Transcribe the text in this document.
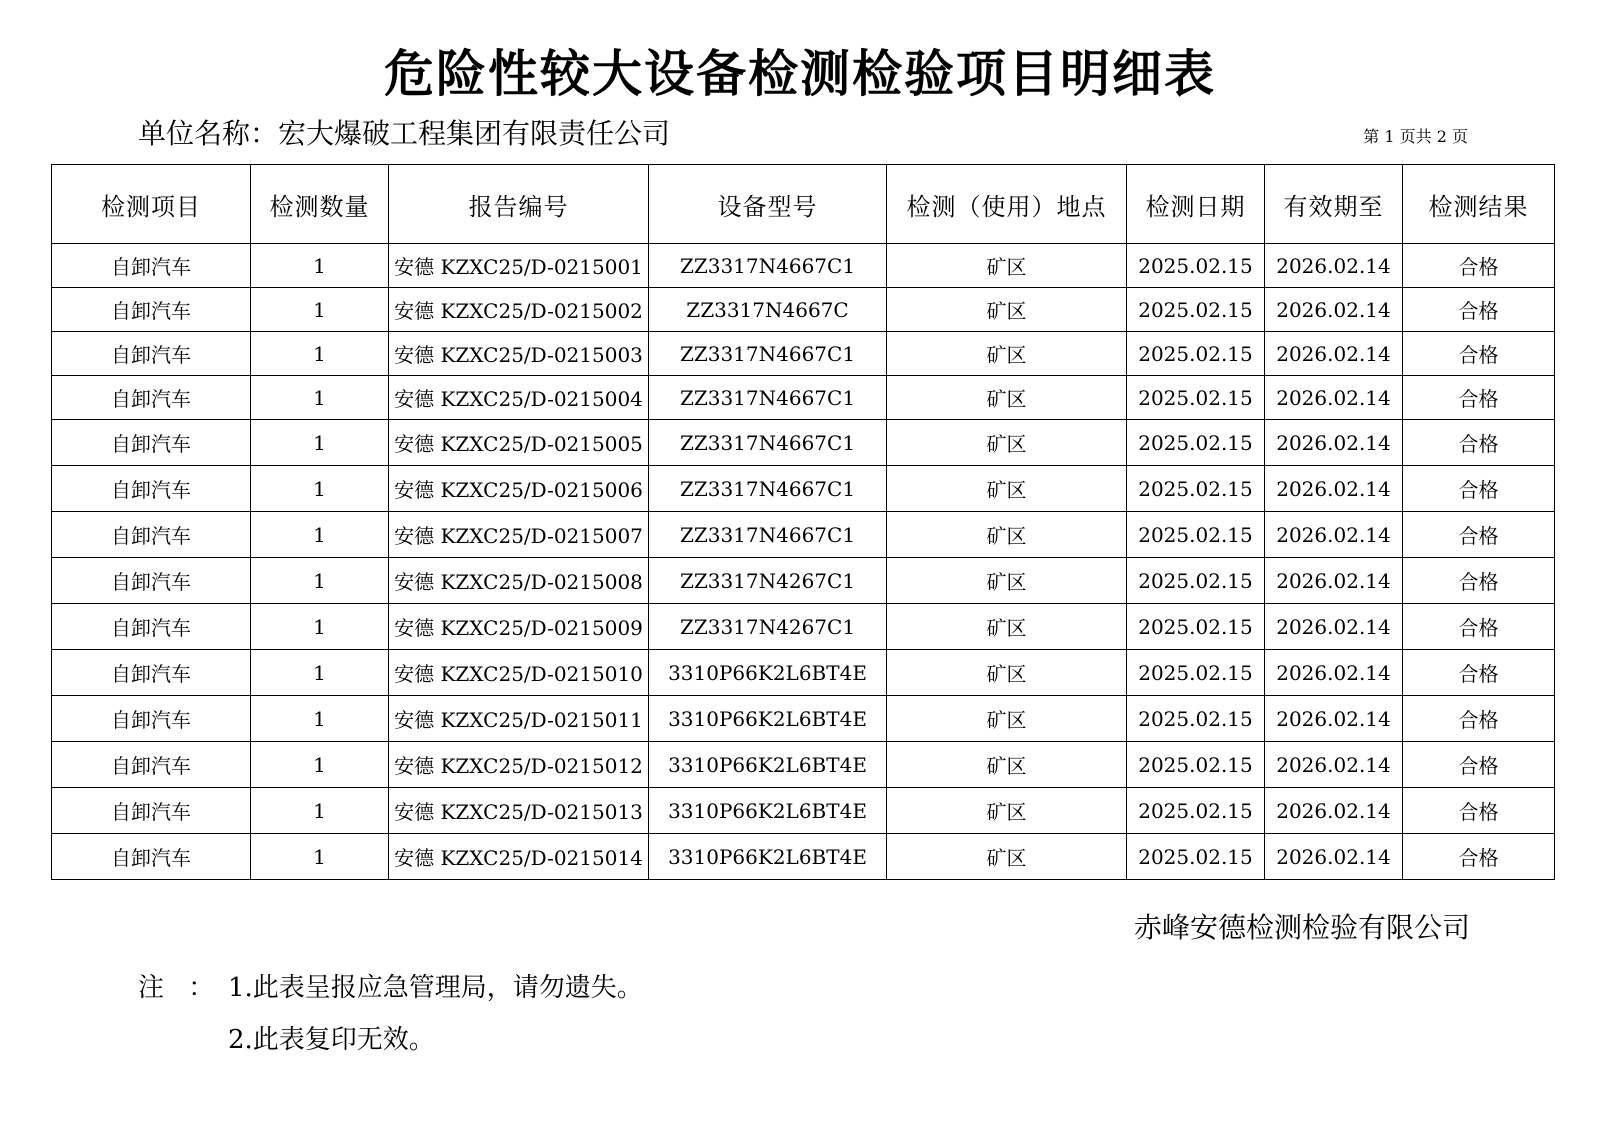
危险性较大设备检测检验项目明细表
单位名称：宏大爆破工程集团有限责任公司	第 1 页共 2 页
检测项目	检测数量	报告编号	设备型号	检测（使用）地点	检测日期	有效期至	检测结果
自卸汽车	1	安德 KZXC25/D-0215001	ZZ3317N4667C1	矿区	2025.02.15	2026.02.14	合格
自卸汽车	1	安德 KZXC25/D-0215002	ZZ3317N4667C	矿区	2025.02.15	2026.02.14	合格
自卸汽车	1	安德 KZXC25/D-0215003	ZZ3317N4667C1	矿区	2025.02.15	2026.02.14	合格
自卸汽车	1	安德 KZXC25/D-0215004	ZZ3317N4667C1	矿区	2025.02.15	2026.02.14	合格
自卸汽车	1	安德 KZXC25/D-0215005	ZZ3317N4667C1	矿区	2025.02.15	2026.02.14	合格
自卸汽车	1	安德 KZXC25/D-0215006	ZZ3317N4667C1	矿区	2025.02.15	2026.02.14	合格
自卸汽车	1	安德 KZXC25/D-0215007	ZZ3317N4667C1	矿区	2025.02.15	2026.02.14	合格
自卸汽车	1	安德 KZXC25/D-0215008	ZZ3317N4267C1	矿区	2025.02.15	2026.02.14	合格
自卸汽车	1	安德 KZXC25/D-0215009	ZZ3317N4267C1	矿区	2025.02.15	2026.02.14	合格
自卸汽车	1	安德 KZXC25/D-0215010	3310P66K2L6BT4E	矿区	2025.02.15	2026.02.14	合格
自卸汽车	1	安德 KZXC25/D-0215011	3310P66K2L6BT4E	矿区	2025.02.15	2026.02.14	合格
自卸汽车	1	安德 KZXC25/D-0215012	3310P66K2L6BT4E	矿区	2025.02.15	2026.02.14	合格
自卸汽车	1	安德 KZXC25/D-0215013	3310P66K2L6BT4E	矿区	2025.02.15	2026.02.14	合格
自卸汽车	1	安德 KZXC25/D-0215014	3310P66K2L6BT4E	矿区	2025.02.15	2026.02.14	合格
赤峰安德检测检验有限公司
注 ： 1.此表呈报应急管理局，请勿遗失。
2.此表复印无效。
